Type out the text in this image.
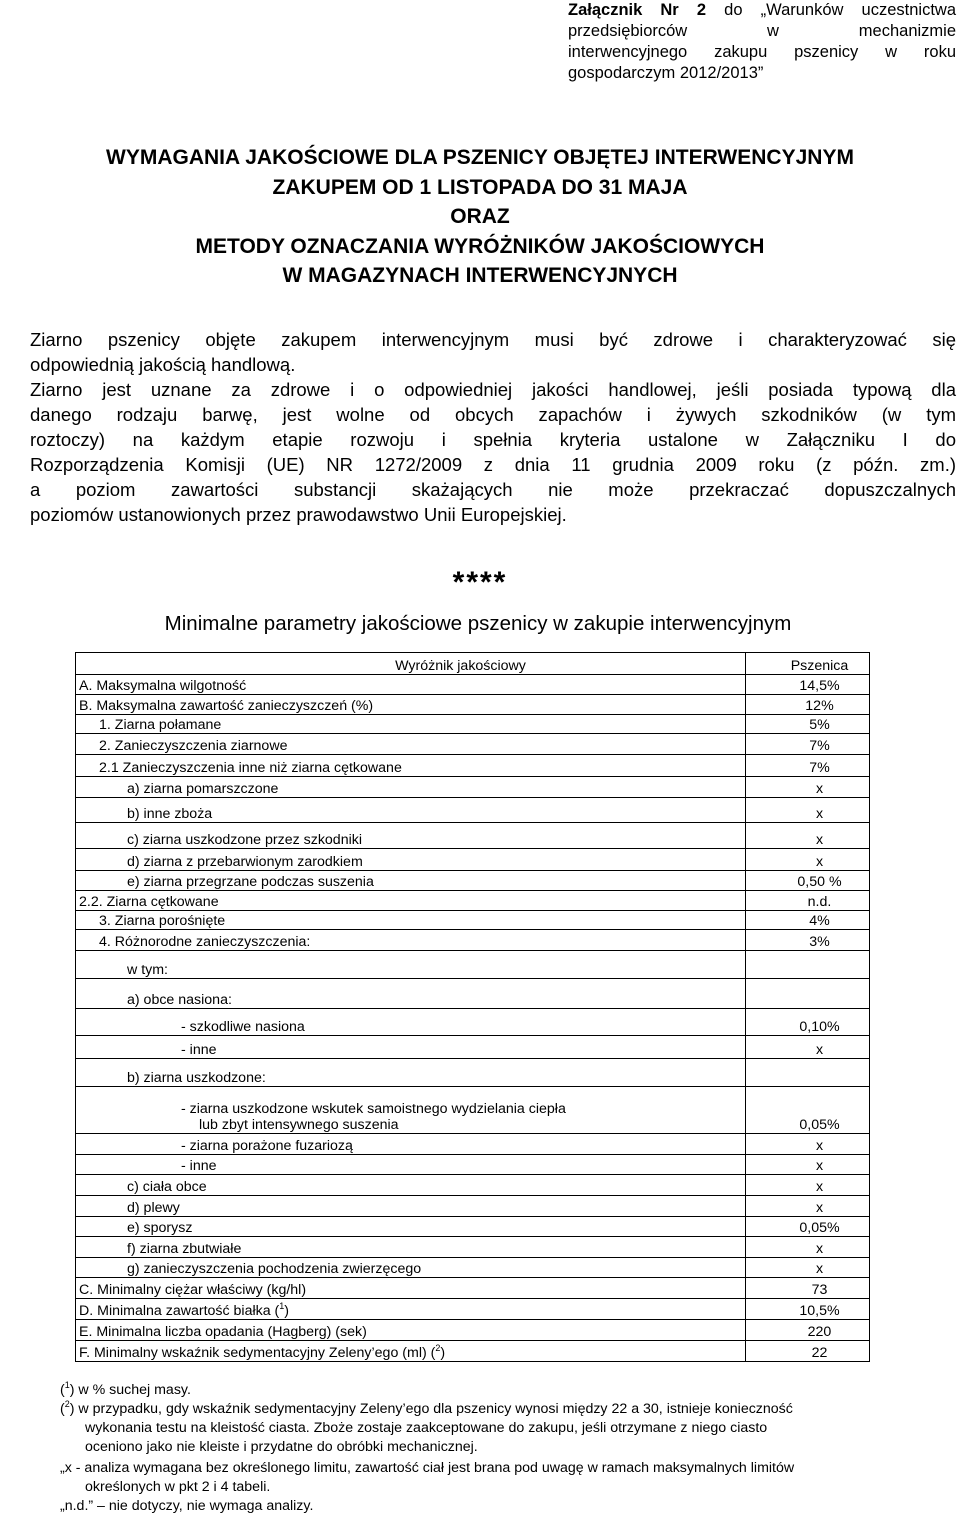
Załącznik Nr 2 do „Warunków uczestnictwa
przedsiębiorców w mechanizmie
interwencyjnego zakupu pszenicy w roku
gospodarczym 2012/2013”
WYMAGANIA JAKOŚCIOWE DLA PSZENICY OBJĘTEJ INTERWENCYJNYM
ZAKUPEM OD 1 LISTOPADA DO 31 MAJA
ORAZ
METODY OZNACZANIA WYRÓŻNIKÓW JAKOŚCIOWYCH
W MAGAZYNACH INTERWENCYJNYCH
Ziarno pszenicy objęte zakupem interwencyjnym musi być zdrowe i charakteryzować się
odpowiednią jakością handlową.
Ziarno jest uznane za zdrowe i o odpowiedniej jakości handlowej, jeśli posiada typową dla
danego rodzaju barwę, jest wolne od obcych zapachów i żywych szkodników (w tym
roztoczy) na każdym etapie rozwoju i spełnia kryteria ustalone w Załączniku I do
Rozporządzenia Komisji (UE) NR 1272/2009 z dnia 11 grudnia 2009 roku (z późn. zm.)
a poziom zawartości substancji skażających nie może przekraczać dopuszczalnych
poziomów ustanowionych przez prawodawstwo Unii Europejskiej.
****
Minimalne parametry jakościowe pszenicy w zakupie interwencyjnym
Wyróżnik jakościowy	Pszenica
A. Maksymalna wilgotność	14,5%
B. Maksymalna zawartość zanieczyszczeń (%)	12%
1. Ziarna połamane	5%
2. Zanieczyszczenia ziarnowe	7%
2.1 Zanieczyszczenia inne niż ziarna cętkowane	7%
a) ziarna pomarszczone	x
b) inne zboża	x
c) ziarna uszkodzone przez szkodniki	x
d) ziarna z przebarwionym zarodkiem	x
e) ziarna przegrzane podczas suszenia	0,50 %
2.2. Ziarna cętkowane	n.d.
3. Ziarna porośnięte	4%
4. Różnorodne zanieczyszczenia:	3%
w tym:	
a) obce nasiona:	
- szkodliwe nasiona	0,10%
- inne	x
b) ziarna uszkodzone:	
- ziarna uszkodzone wskutek samoistnego wydzielania ciepła
lub zbyt intensywnego suszenia	0,05%
- ziarna porażone fuzariozą	x
- inne	x
c) ciała obce	x
d) plewy	x
e) sporysz	0,05%
f) ziarna zbutwiałe	x
g) zanieczyszczenia pochodzenia zwierzęcego	x
C. Minimalny ciężar właściwy (kg/hl)	73
D. Minimalna zawartość białka ($^1$)	10,5%
E. Minimalna liczba opadania (Hagberg) (sek)	220
F. Minimalny wskaźnik sedymentacyjny Zeleny’ego (ml) ($^2$)	22
($^1$) w % suchej masy.
($^2$) w przypadku, gdy wskaźnik sedymentacyjny Zeleny’ego dla pszenicy wynosi między 22 a 30, istnieje konieczność
wykonania testu na kleistość ciasta. Zboże zostaje zaakceptowane do zakupu, jeśli otrzymane z niego ciasto
oceniono jako nie kleiste i przydatne do obróbki mechanicznej.
„x - analiza wymagana bez określonego limitu, zawartość ciał jest brana pod uwagę w ramach maksymalnych limitów
określonych w pkt 2 i 4 tabeli.
„n.d.” – nie dotyczy, nie wymaga analizy.
